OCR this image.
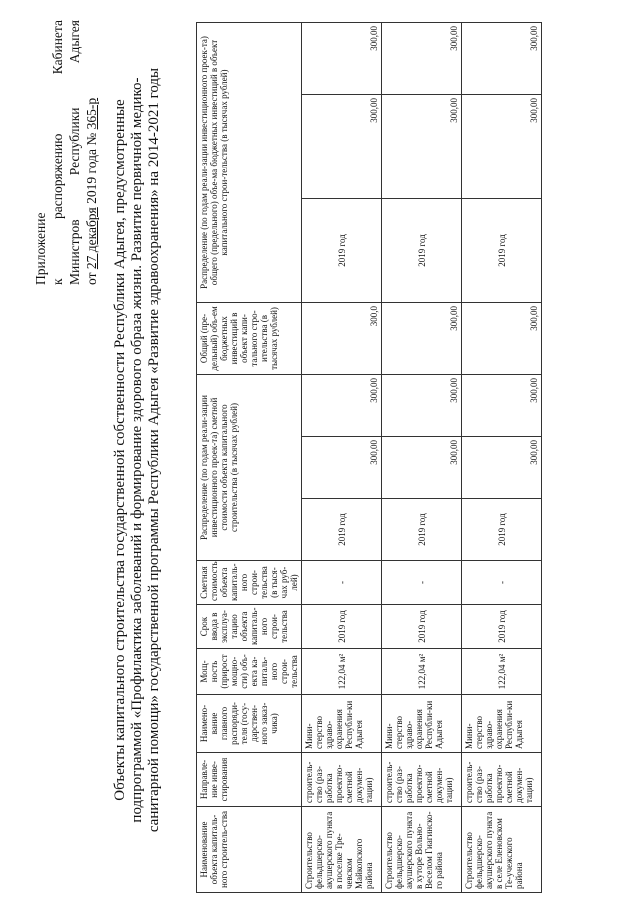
Приложение к
распоряжению
Кабинета
Министров
Республики
Адыгея
от 27 декабря 2019 года № 365-р Объекты капитального строительства государственной собственности Республики Адыгея, предусмотренные подпрограммой «Профилактика заболеваний и формирование здорового образа жизни. Развитие первичной медико- санитарной помощи» государственной программы Республики Адыгея «Развитие здравоохранения» на 2014-2021 годы
Наименование объекта капиталь-ного строитель-ства	Направле-ние инве-стирования	Наимено-вание главного распоряди-теля (госу-дарствен-ного заказ-чика)	Мощ-ность (прирост мощно-сти) объ-екта ка-питаль-ного строи-тельства	Срок ввода в эксплуа-тацию объекта капиталь-ного строи-тельства	Сметная стоимость объекта капиталь-ного строи-тельства (в тыся-чах руб-лей)	Распределение (по годам реали-зации инвестиционного проек-та) сметной стоимости объекта капитального строительства (в тысячах рублей)			Общий (пре-дельный) объ-ем бюджетных инвестиций в объект капи-тального стро-ительства (в тысячах рублей)	Распределение (по годам реали-зации инвестиционного проек-та) общего (предельного) объе-ма бюджетных инвестиций в объект капитального строи-тельства (в тысячах рублей)		
Строительство фельдшерско-акушерского пункта в поселке Тре-чевском Майкопского района	строитель-ство (раз-работка проектно-сметной докумен-тации)	Мини-стерство здраво-охранения Республи-ки Адыгея	122,04 м²	2019 год	-	2019 год	300,00	300,00	300,0	2019 год	300,00	300,00
Строительство фельдшерско-акушерского пункта в хуторе Вольно-Веселом Гиагинско-го района	строитель-ство (раз-работка проектно-сметной докумен-тации)	Мини-стерство здраво-охранения Республи-ки Адыгея	122,04 м²	2019 год	-	2019 год	300,00	300,00	300,00	2019 год	300,00	300,00
Строительство фельдшерско-акушерского пункта в селе Еленовском Те-учежского района	строитель-ство (раз-работка проектно-сметной докумен-тации)	Мини-стерство здраво-охранения Республи-ки Адыгея	122,04 м²	2019 год	-	2019 год	300,00	300,00	300,00	2019 год	300,00	300,00
